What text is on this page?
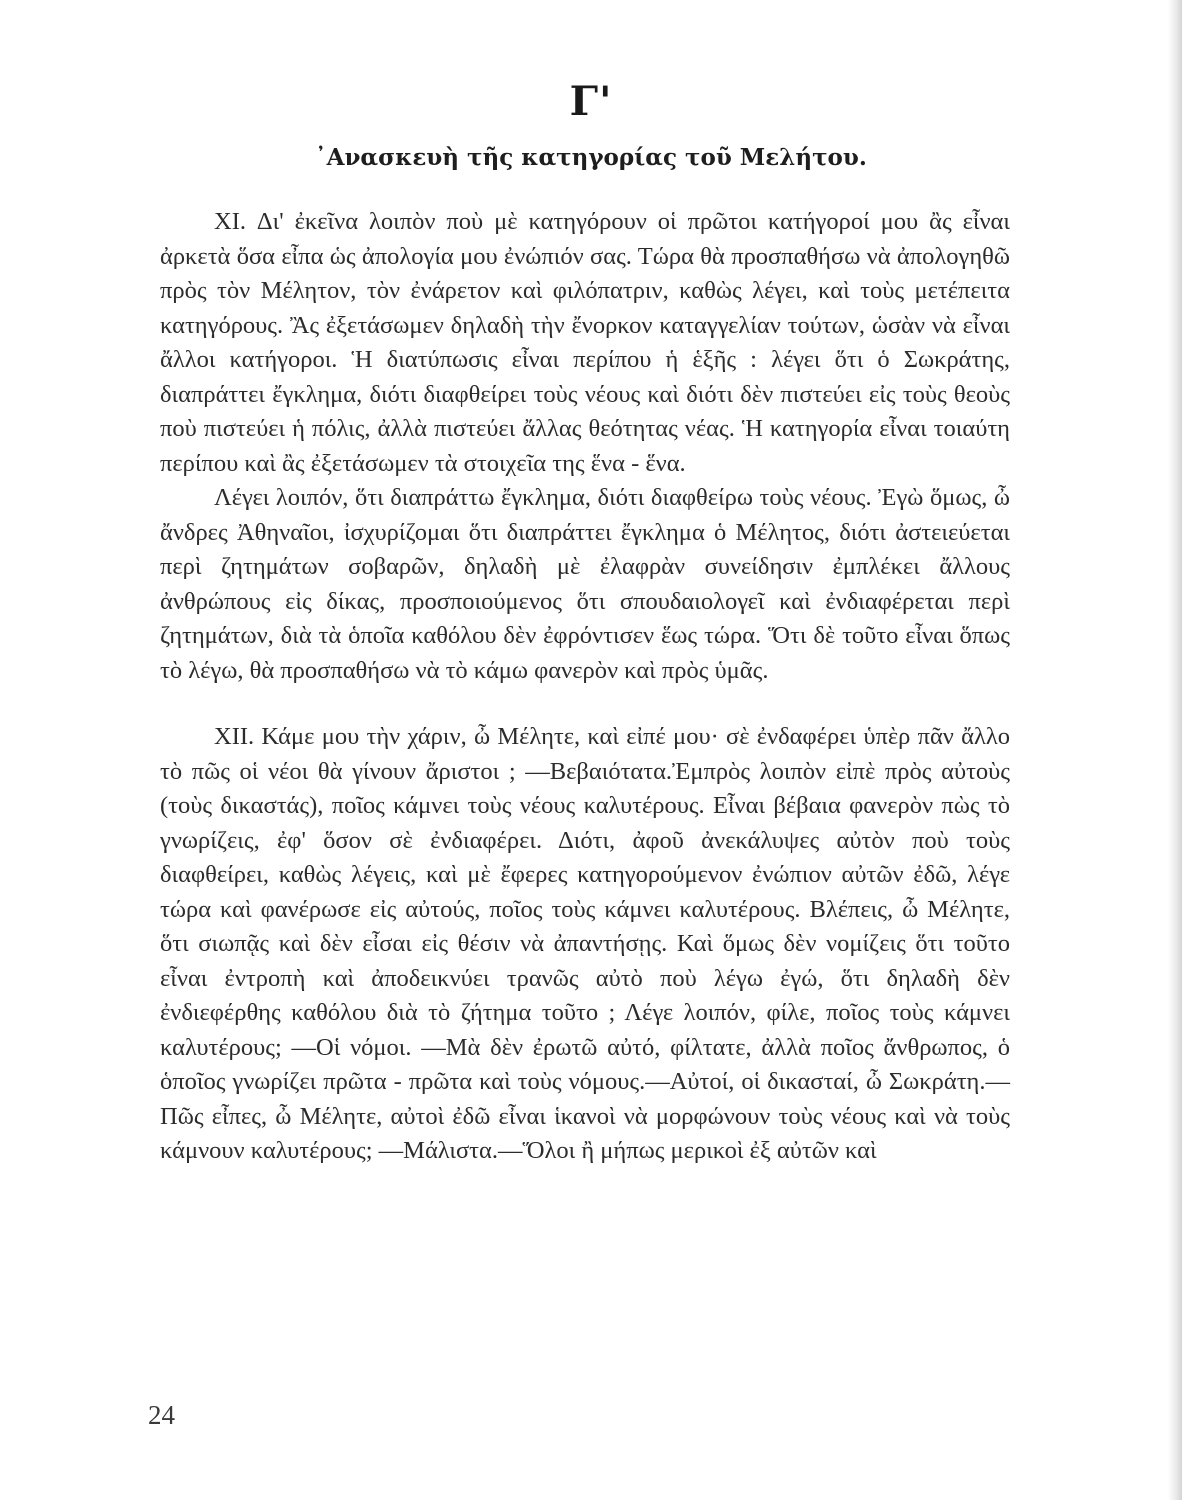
Γ'
᾿Ανασκευὴ τῆς κατηγορίας τοῦ Μελήτου.

XI. Δι' ἐκεῖνα λοιπὸν ποὺ μὲ κατηγόρουν οἱ πρῶτοι κατήγοροί μου ἂς εἶναι ἀρκετὰ ὅσα εἶπα ὡς ἀπολογία μου ἐνώπιόν σας. Τώρα θὰ προσπαθήσω νὰ ἀπολογηθῶ πρὸς τὸν Μέλητον, τὸν ἐνάρετον καὶ φιλόπατριν, καθὼς λέγει, καὶ τοὺς μετέπειτα κατηγόρους. Ἂς ἐξετάσωμεν δηλαδὴ τὴν ἔνορκον καταγγελίαν τούτων, ὡσὰν νὰ εἶναι ἄλλοι κατήγοροι. Ἡ διατύπωσις εἶναι περίπου ἡ ἑξῆς : λέγει ὅτι ὁ Σωκράτης, διαπράττει ἔγκλημα, διότι διαφθείρει τοὺς νέους καὶ διότι δὲν πιστεύει εἰς τοὺς θεοὺς ποὺ πιστεύει ἡ πόλις, ἀλλὰ πιστεύει ἄλλας θεότητας νέας. Ἡ κατηγορία εἶναι τοιαύτη περίπου καὶ ἂς ἐξετάσωμεν τὰ στοιχεῖα της ἕνα - ἕνα.

Λέγει λοιπόν, ὅτι διαπράττω ἔγκλημα, διότι διαφθείρω τοὺς νέους. Ἐγὼ ὅμως, ὦ ἄνδρες Ἀθηναῖοι, ἰσχυρίζομαι ὅτι διαπράττει ἔγκλημα ὁ Μέλητος, διότι ἀστειεύεται περὶ ζητημάτων σοβαρῶν, δηλαδὴ μὲ ἐλαφρὰν συνείδησιν ἐμπλέκει ἄλλους ἀνθρώπους εἰς δίκας, προσποιούμενος ὅτι σπουδαιολογεῖ καὶ ἐνδιαφέρεται περὶ ζητημάτων, διὰ τὰ ὁποῖα καθόλου δὲν ἐφρόντισεν ἕως τώρα. Ὅτι δὲ τοῦτο εἶναι ὅπως τὸ λέγω, θὰ προσπαθήσω νὰ τὸ κάμω φανερὸν καὶ πρὸς ὑμᾶς.

XII. Κάμε μου τὴν χάριν, ὦ Μέλητε, καὶ εἰπέ μου· σὲ ἐνδαφέρει ὑπὲρ πᾶν ἄλλο τὸ πῶς οἱ νέοι θὰ γίνουν ἄριστοι ; —Βεβαιότατα.Ἐμπρὸς λοιπὸν εἰπὲ πρὸς αὐτοὺς (τοὺς δικαστάς), ποῖος κάμνει τοὺς νέους καλυτέρους. Εἶναι βέβαια φανερὸν πὼς τὸ γνωρίζεις, ἐφ' ὅσον σὲ ἐνδιαφέρει. Διότι, ἀφοῦ ἀνεκάλυψες αὐτὸν ποὺ τοὺς διαφθείρει, καθὼς λέγεις, καὶ μὲ ἔφερες κατηγορούμενον ἐνώπιον αὐτῶν ἐδῶ, λέγε τώρα καὶ φανέρωσε εἰς αὐτούς, ποῖος τοὺς κάμνει καλυτέρους. Βλέπεις, ὦ Μέλητε, ὅτι σιωπᾷς καὶ δὲν εἶσαι εἰς θέσιν νὰ ἀπαντήσῃς. Καὶ ὅμως δὲν νομίζεις ὅτι τοῦτο εἶναι ἐντροπὴ καὶ ἀποδεικνύει τρανῶς αὐτὸ ποὺ λέγω ἐγώ, ὅτι δηλαδὴ δὲν ἐνδιεφέρθης καθόλου διὰ τὸ ζήτημα τοῦτο ; Λέγε λοιπόν, φίλε, ποῖος τοὺς κάμνει καλυτέρους; —Οἱ νόμοι. —Μὰ δὲν ἐρωτῶ αὐτό, φίλτατε, ἀλλὰ ποῖος ἄνθρωπος, ὁ ὁποῖος γνωρίζει πρῶτα - πρῶτα καὶ τοὺς νόμους.—Αὐτοί, οἱ δικασταί, ὦ Σωκράτη.—Πῶς εἶπες, ὦ Μέλητε, αὐτοὶ ἐδῶ εἶναι ἱκανοὶ νὰ μορφώνουν τοὺς νέους καὶ νὰ τοὺς κάμνουν καλυτέρους; —Μάλιστα.—Ὅλοι ἢ μήπως μερικοὶ ἐξ αὐτῶν καὶ

24
